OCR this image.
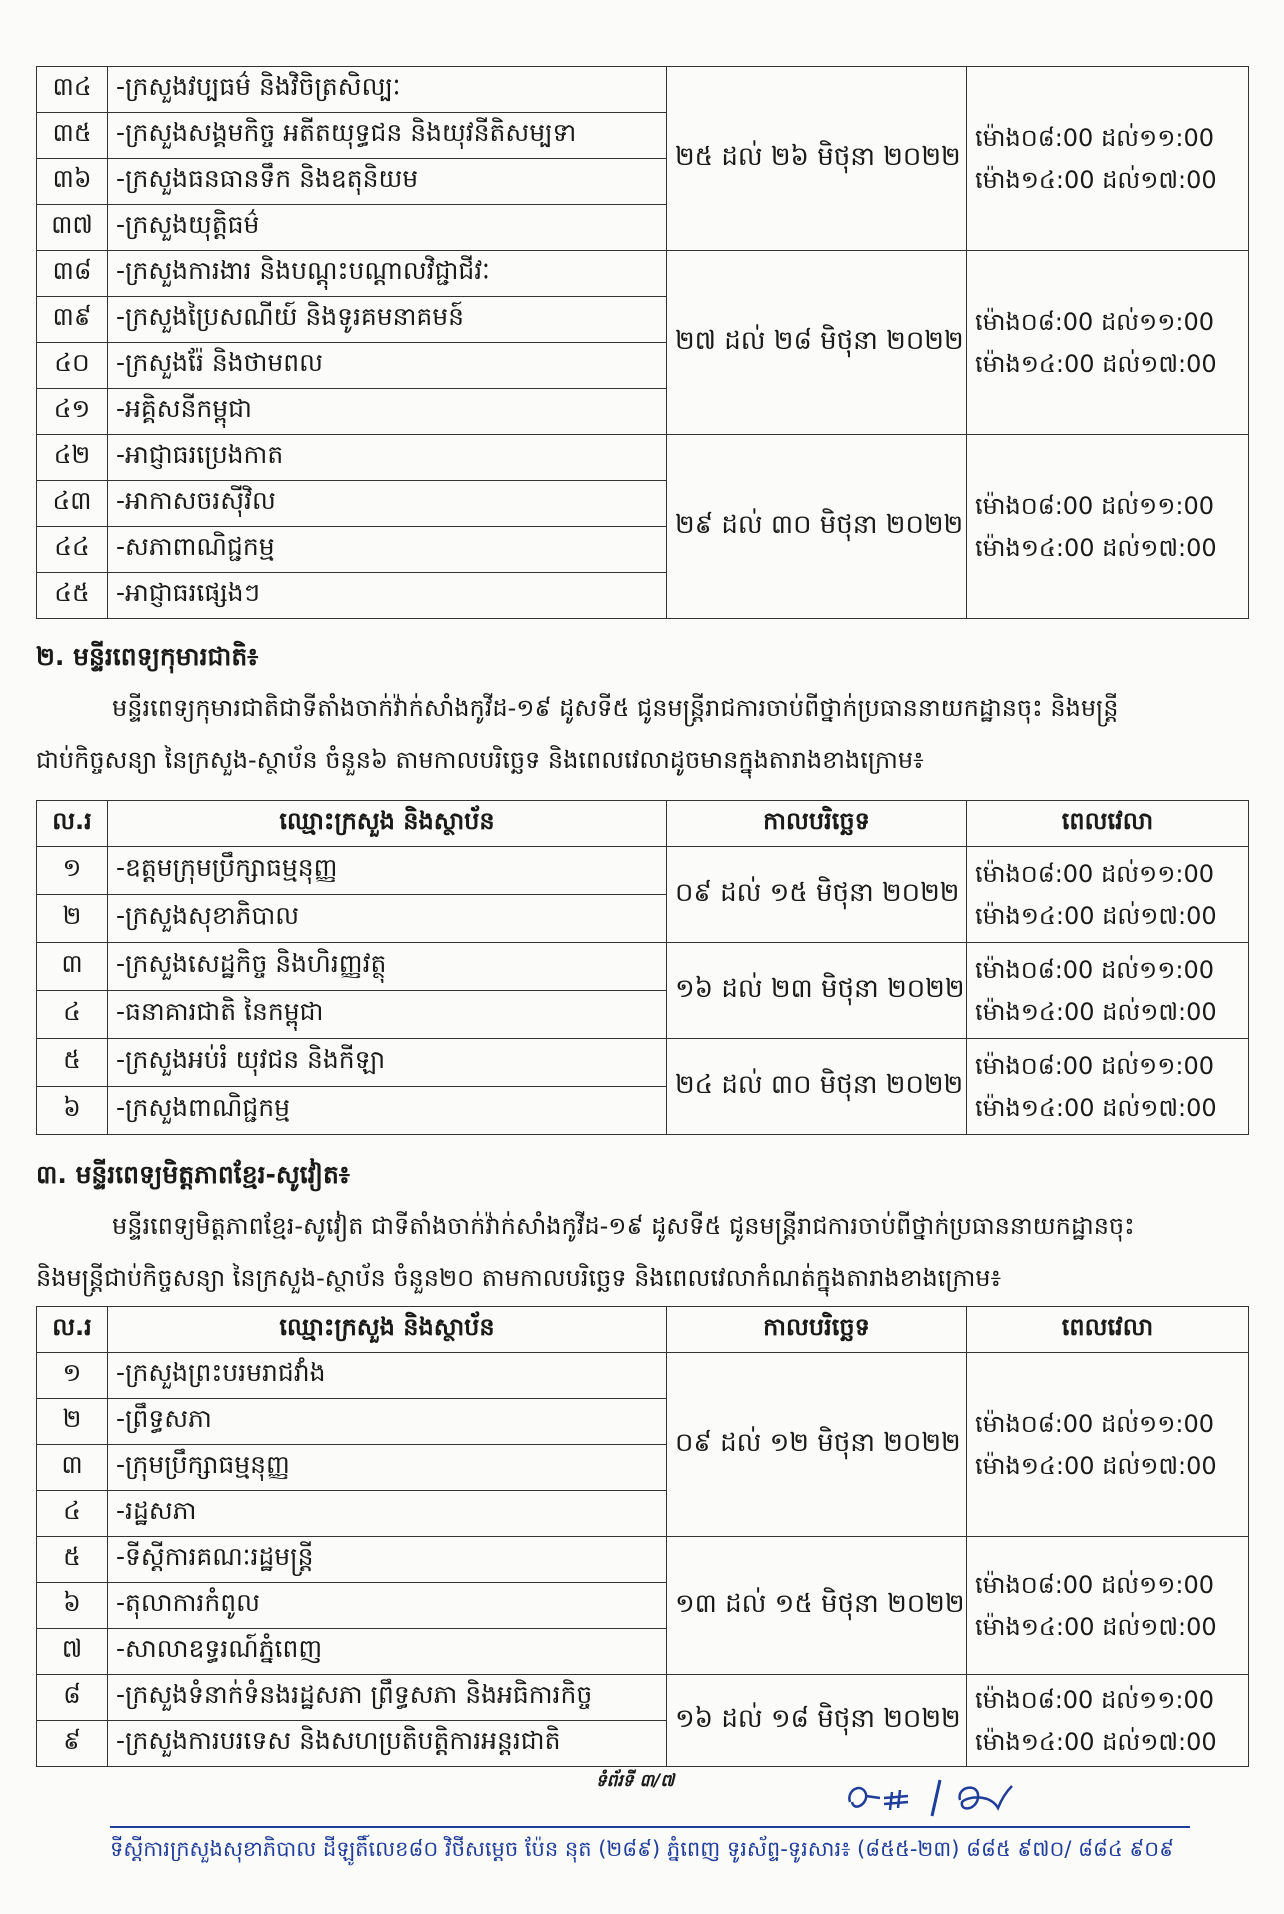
៣៤	-ក្រសួងវប្បធម៌ និងវិចិត្រសិល្បៈ	២៥ ដល់ ២៦ មិថុនា ២០២២	ម៉ោង០៨:00 ដល់១១:00
ម៉ោង១៤:00 ដល់១៧:00

៣៥	-ក្រសួងសង្គមកិច្ច អតីតយុទ្ធជន និងយុវនីតិសម្បទា		
៣៦	-ក្រសួងធនធានទឹក និងឧតុនិយម		
៣៧	-ក្រសួងយុត្តិធម៌		
៣៨	-ក្រសួងការងារ និងបណ្តុះបណ្តាលវិជ្ជាជីវៈ	២៧ ដល់ ២៨ មិថុនា ២០២២	ម៉ោង០៨:00 ដល់១១:00
ម៉ោង១៤:00 ដល់១៧:00

៣៩	-ក្រសួងប្រៃសណីយ៍ និងទូរគមនាគមន៍		
៤០	-ក្រសួងរ៉ែ និងថាមពល		
៤១	-អគ្គិសនីកម្ពុជា		
៤២	-អាជ្ញាធរប្រេងកាត	២៩ ដល់ ៣០ មិថុនា ២០២២	ម៉ោង០៨:00 ដល់១១:00
ម៉ោង១៤:00 ដល់១៧:00

៤៣	-អាកាសចរស៊ីវិល		
៤៤	-សភាពាណិជ្ជកម្ម		
៤៥	-អាជ្ញាធរផ្សេងៗ		
២. មន្ទីរពេទ្យកុមារជាតិ៖

មន្ទីរពេទ្យកុមារជាតិជាទីតាំងចាក់វ៉ាក់សាំងកូវីដ-១៩ ដូសទី៥ ជូនមន្ត្រីរាជការចាប់ពីថ្នាក់ប្រធាននាយកដ្ឋានចុះ និងមន្ត្រី

ជាប់កិច្ចសន្យា នៃក្រសួង-ស្ថាប័ន ចំនួន៦ តាមកាលបរិច្ឆេទ និងពេលវេលាដូចមានក្នុងតារាងខាងក្រោម៖

ល.រ	ឈ្មោះក្រសួង និងស្ថាប័ន	កាលបរិច្ឆេទ	ពេលវេលា
១	-ឧត្តមក្រុមប្រឹក្សាធម្មនុញ្ញ	០៩ ដល់ ១៥ មិថុនា ២០២២	ម៉ោង០៨:00 ដល់១១:00
ម៉ោង១៤:00 ដល់១៧:00

២	-ក្រសួងសុខាភិបាល		
៣	-ក្រសួងសេដ្ឋកិច្ច និងហិរញ្ញវត្ថុ	១៦ ដល់ ២៣ មិថុនា ២០២២	ម៉ោង០៨:00 ដល់១១:00
ម៉ោង១៤:00 ដល់១៧:00

៤	-ធនាគារជាតិ នៃកម្ពុជា		
៥	-ក្រសួងអប់រំ យុវជន និងកីឡា	២៤ ដល់ ៣០ មិថុនា ២០២២	ម៉ោង០៨:00 ដល់១១:00
ម៉ោង១៤:00 ដល់១៧:00

៦	-ក្រសួងពាណិជ្ជកម្ម		
៣. មន្ទីរពេទ្យមិត្តភាពខ្មែរ-សូវៀត៖

មន្ទីរពេទ្យមិត្តភាពខ្មែរ-សូវៀត ជាទីតាំងចាក់វ៉ាក់សាំងកូវីដ-១៩ ដូសទី៥ ជូនមន្ត្រីរាជការចាប់ពីថ្នាក់ប្រធាននាយកដ្ឋានចុះ

និងមន្ត្រីជាប់កិច្ចសន្យា នៃក្រសួង-ស្ថាប័ន ចំនួន២០ តាមកាលបរិច្ឆេទ និងពេលវេលាកំណត់ក្នុងតារាងខាងក្រោម៖

ល.រ	ឈ្មោះក្រសួង និងស្ថាប័ន	កាលបរិច្ឆេទ	ពេលវេលា
១	-ក្រសួងព្រះបរមរាជវាំង	០៩ ដល់ ១២ មិថុនា ២០២២	ម៉ោង០៨:00 ដល់១១:00
ម៉ោង១៤:00 ដល់១៧:00

២	-ព្រឹទ្ធសភា		
៣	-ក្រុមប្រឹក្សាធម្មនុញ្ញ		
៤	-រដ្ឋសភា		
៥	-ទីស្តីការគណៈរដ្ឋមន្ត្រី	១៣ ដល់ ១៥ មិថុនា ២០២២	ម៉ោង០៨:00 ដល់១១:00
ម៉ោង១៤:00 ដល់១៧:00

៦	-តុលាការកំពូល		
៧	-សាលាឧទ្ធរណ៍ភ្នំពេញ		
៨	-ក្រសួងទំនាក់ទំនងរដ្ឋសភា ព្រឹទ្ធសភា និងអធិការកិច្ច	១៦ ដល់ ១៨ មិថុនា ២០២២	ម៉ោង០៨:00 ដល់១១:00
ម៉ោង១៤:00 ដល់១៧:00

៩	-ក្រសួងការបរទេស និងសហប្រតិបត្តិការអន្តរជាតិ		
ទំព័រទី ៣/៧
ទីស្តីការក្រសួងសុខាភិបាល ដីឡូតិ៍លេខ៨០ វិថីសម្តេច ប៉ែន នុត (២៨៩) ភ្នំពេញ ទូរស័ព្ទ-ទូរសារ៖ (៨៥៥-២៣) ៨៨៥ ៩៧០/ ៨៨៤ ៩០៩
